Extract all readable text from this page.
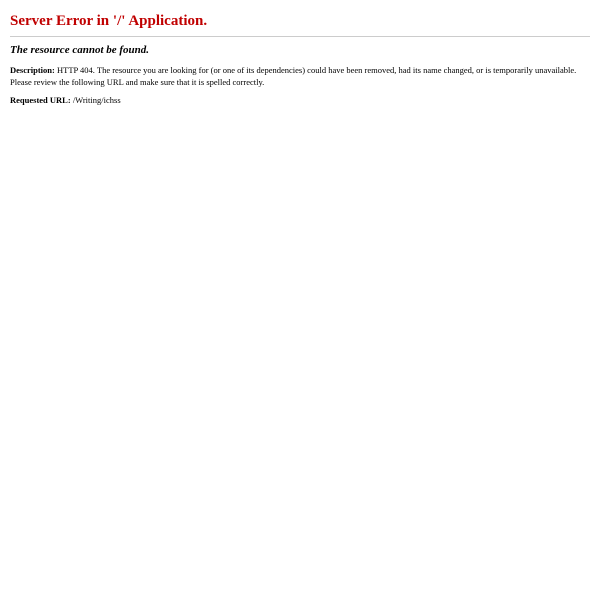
Server Error in '/' Application.
The resource cannot be found.
Description: HTTP 404. The resource you are looking for (or one of its dependencies) could have been removed, had its name changed, or is temporarily unavailable. Please review the following URL and make sure that it is spelled correctly.
Requested URL: /Writing/ichss
